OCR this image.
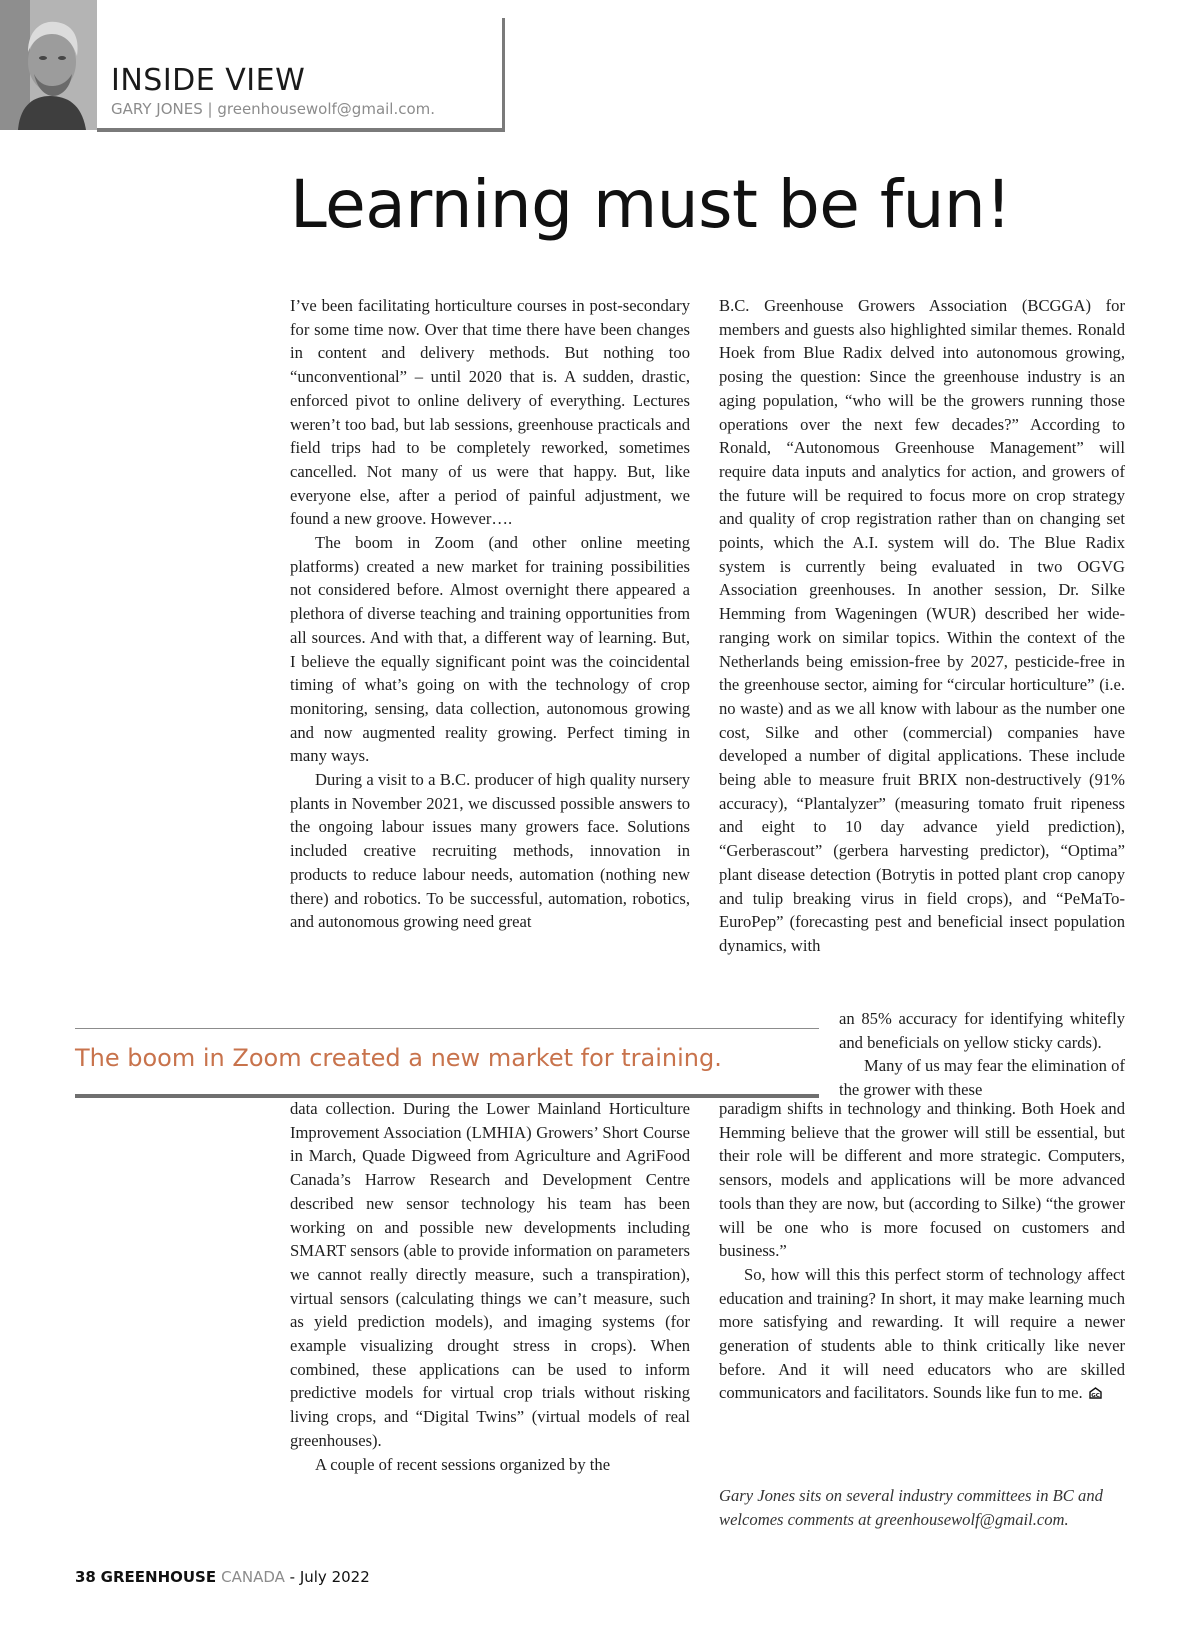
INSIDE VIEW
GARY JONES | greenhousewolf@gmail.com.
Learning must be fun!

I’ve been facilitating horticulture courses in post-secondary for some time now. Over that time there have been changes in content and delivery methods. But nothing too “unconventional” – until 2020 that is. A sudden, drastic, enforced pivot to online delivery of everything. Lectures weren’t too bad, but lab sessions, greenhouse practicals and field trips had to be completely reworked, sometimes cancelled. Not many of us were that happy. But, like everyone else, after a period of painful adjustment, we found a new groove. However….

The boom in Zoom (and other online meeting platforms) created a new market for training possibilities not considered before. Almost overnight there appeared a plethora of diverse teaching and training opportunities from all sources. And with that, a different way of learning. But, I believe the equally significant point was the coincidental timing of what’s going on with the technology of crop monitoring, sensing, data collection, autonomous growing and now augmented reality growing. Perfect timing in many ways.

During a visit to a B.C. producer of high quality nursery plants in November 2021, we discussed possible answers to the ongoing labour issues many growers face. Solutions included creative recruiting methods, innovation in products to reduce labour needs, automation (nothing new there) and robotics. To be successful, automation, robotics, and autonomous growing need great

The boom in Zoom created a new market for training.

data collection. During the Lower Mainland Horticulture Improvement Association (LMHIA) Growers’ Short Course in March, Quade Digweed from Agriculture and AgriFood Canada’s Harrow Research and Development Centre described new sensor technology his team has been working on and possible new developments including SMART sensors (able to provide information on parameters we cannot really directly measure, such a transpiration), virtual sensors (calculating things we can’t measure, such as yield prediction models), and imaging systems (for example visualizing drought stress in crops). When combined, these applications can be used to inform predictive models for virtual crop trials without risking living crops, and “Digital Twins” (virtual models of real greenhouses).

A couple of recent sessions organized by the

B.C. Greenhouse Growers Association (BCGGA) for members and guests also highlighted similar themes. Ronald Hoek from Blue Radix delved into autonomous growing, posing the question: Since the greenhouse industry is an aging population, “who will be the growers running those operations over the next few decades?” According to Ronald, “Autonomous Greenhouse Management” will require data inputs and analytics for action, and growers of the future will be required to focus more on crop strategy and quality of crop registration rather than on changing set points, which the A.I. system will do. The Blue Radix system is currently being evaluated in two OGVG Association greenhouses. In another session, Dr. Silke Hemming from Wageningen (WUR) described her wide-ranging work on similar topics. Within the context of the Netherlands being emission-free by 2027, pesticide-free in the greenhouse sector, aiming for “circular horticulture” (i.e. no waste) and as we all know with labour as the number one cost, Silke and other (commercial) companies have developed a number of digital applications. These include being able to measure fruit BRIX non-destructively (91% accuracy), “Plantalyzer” (measuring tomato fruit ripeness and eight to 10 day advance yield prediction), “Gerberascout” (gerbera harvesting predictor), “Optima” plant disease detection (Botrytis in potted plant crop canopy and tulip breaking virus in field crops), and “PeMaTo-EuroPep” (forecasting pest and beneficial insect population dynamics, with

an 85% accuracy for identifying whitefly and beneficials on yellow sticky cards).

Many of us may fear the elimination of the grower with these

paradigm shifts in technology and thinking. Both Hoek and Hemming believe that the grower will still be essential, but their role will be different and more strategic. Computers, sensors, models and applications will be more advanced tools than they are now, but (according to Silke) “the grower will be one who is more focused on customers and business.”

So, how will this this perfect storm of technology affect education and training? In short, it may make learning much more satisfying and rewarding. It will require a newer generation of students able to think critically like never before. And it will need educators who are skilled communicators and facilitators. Sounds like fun to me. GC

Gary Jones sits on several industry committees in BC and welcomes comments at greenhousewolf@gmail.com.
38 GREENHOUSE CANADA - July 2022
